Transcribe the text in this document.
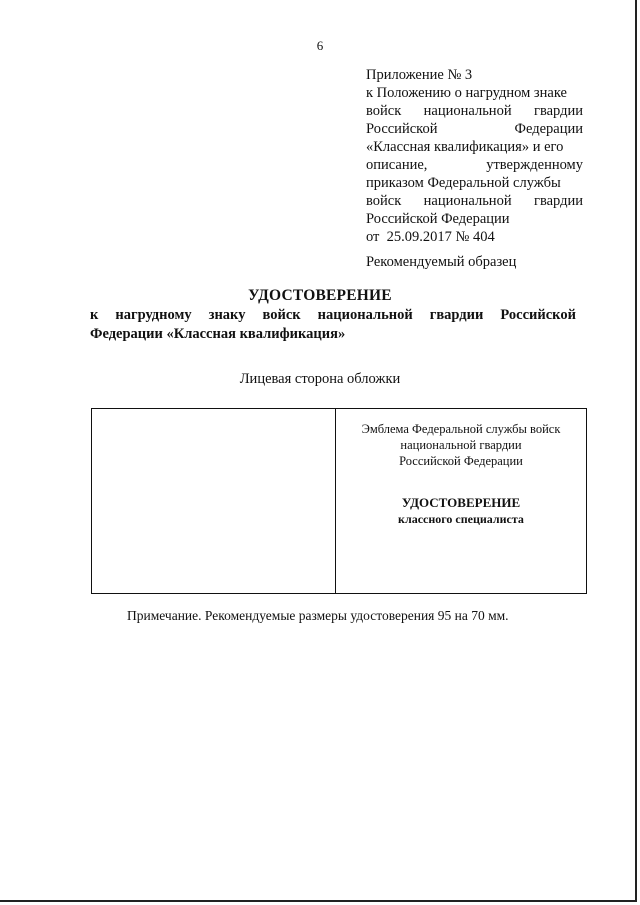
6
Приложение № 3
к Положению о нагрудном знаке
войск национальной гвардии
Российской	Федерации
«Классная квалификация» и его
описание,	утвержденному
приказом Федеральной службы
войск национальной гвардии
Российской Федерации
от  25.09.2017 № 404
Рекомендуемый образец
УДОСТОВЕРЕНИЕ
к нагрудному знаку войск национальной гвардии Российской
Федерации «Классная квалификация»
Лицевая сторона обложки
Эмблема Федеральной службы войск
национальной гвардии
Российской Федерации
УДОСТОВЕРЕНИЕ
классного специалиста
Примечание. Рекомендуемые размеры удостоверения 95 на 70 мм.
